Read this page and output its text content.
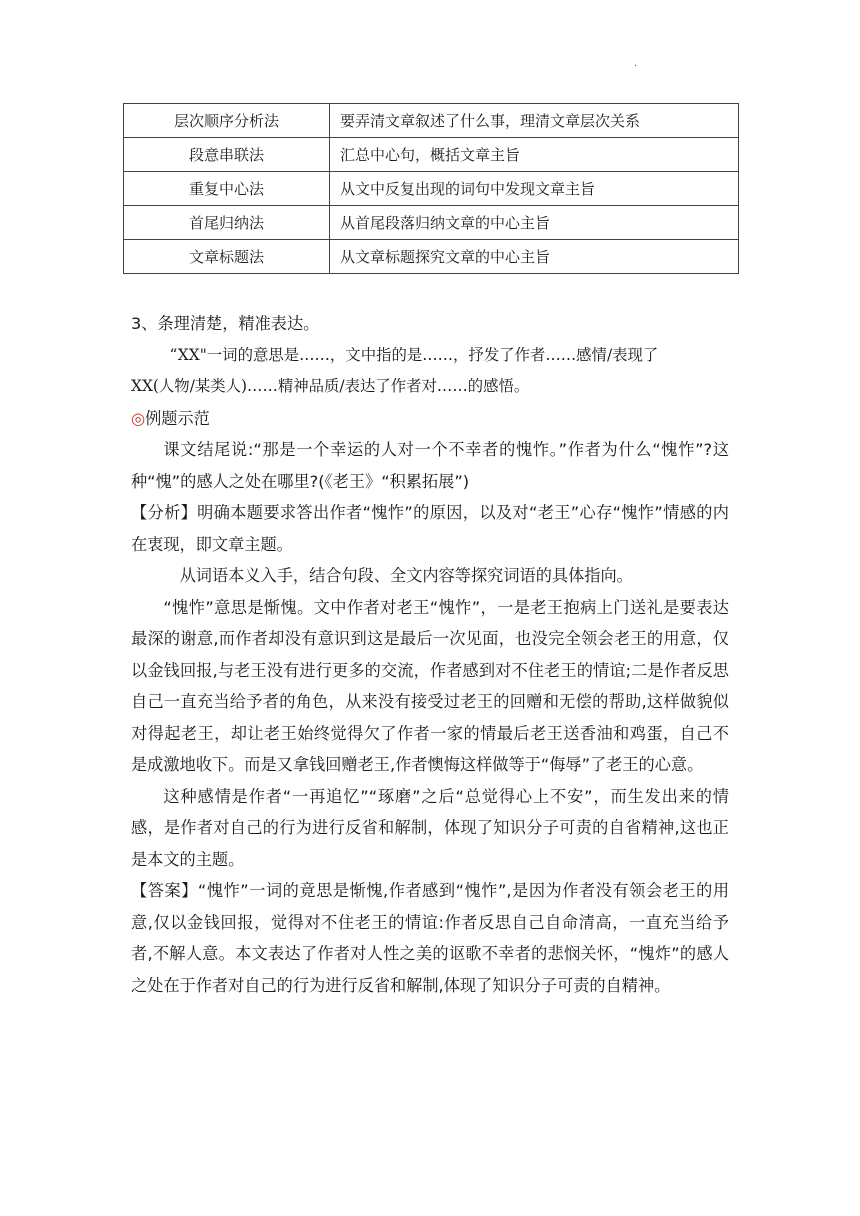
.
层次顺序分析法	要弄清文章叙述了什么事，理清文章层次关系
段意串联法	汇总中心句，概括文章主旨
重复中心法	从文中反复出现的词句中发现文章主旨
首尾归纳法	从首尾段落归纳文章的中心主旨
文章标题法	从文章标题探究文章的中心主旨

3、条理清楚，精准表达。

“XX"一词的意思是……，文中指的是……，抒发了作者……感情/表现了

XX(人物/某类人)……精神品质/表达了作者对……的感悟。

◎例题示范

课文结尾说:“那是一个幸运的人对一个不幸者的愧怍。”作者为什么“愧怍”?这种“愧”的感人之处在哪里?(《老王》“积累拓展”)

【分析】明确本题要求答出作者“愧怍”的原因，以及对“老王”心存“愧怍”情感的内在衷现，即文章主题。

从词语本义入手，结合句段、全文内容等探究词语的具体指向。

“愧怍”意思是惭愧。文中作者对老王“愧怍”，一是老王抱病上门送礼是要表达最深的谢意,而作者却没有意识到这是最后一次见面，也没完全领会老王的用意，仅以金钱回报,与老王没有进行更多的交流，作者感到对不住老王的情谊;二是作者反思自己一直充当给予者的角色，从来没有接受过老王的回赠和无偿的帮助,这样做貌似对得起老王，却让老王始终觉得欠了作者一家的情最后老王送香油和鸡蛋，自己不是成激地收下。而是又拿钱回赠老王,作者懊悔这样做等于“侮辱”了老王的心意。

这种感情是作者“一再追忆”“琢磨”之后“总觉得心上不安”，而生发出来的情感，是作者对自己的行为进行反省和解制，体现了知识分子可责的自省精神,这也正是本文的主题。

【答案】“愧怍”一词的竟思是惭愧,作者感到“愧怍”,是因为作者没有领会老王的用意,仅以金钱回报，觉得对不住老王的情谊:作者反思自己自命清高，一直充当给予者,不解人意。本文表达了作者对人性之美的讴歌不幸者的悲悯关怀，“愧炸”的感人之处在于作者对自己的行为进行反省和解制,体现了知识分子可责的自精神。
